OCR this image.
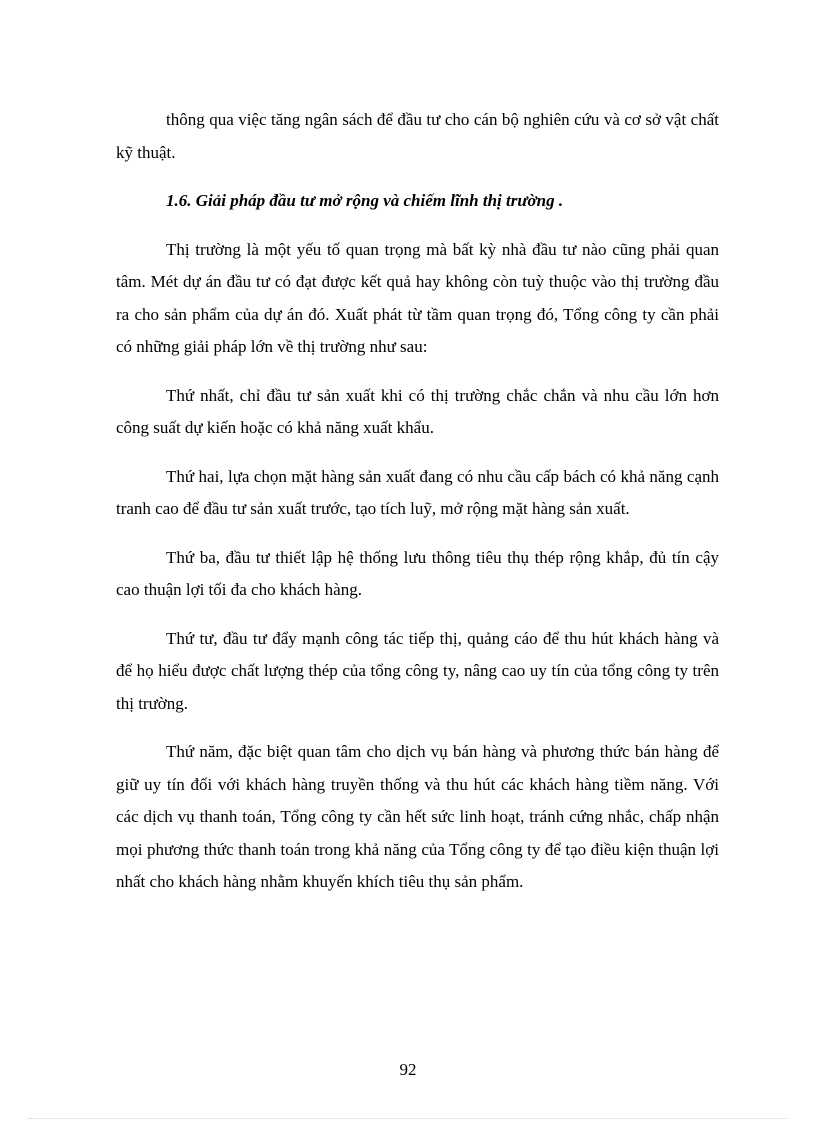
thông qua việc tăng ngân sách để đầu tư cho cán bộ nghiên cứu và cơ sở vật chất kỹ thuật.

1.6. Giải pháp đầu tư mở rộng và chiếm lĩnh thị trường .

Thị trường là một yếu tố quan trọng mà bất kỳ nhà đầu tư nào cũng phải quan tâm. Mét dự án đầu tư có đạt được kết quả hay không còn tuỳ thuộc vào thị trường đầu ra cho sản phẩm của dự án đó. Xuất phát từ tầm quan trọng đó, Tổng công ty cần phải có những giải pháp lớn về thị trường như sau:

Thứ nhất, chỉ đầu tư sản xuất khi có thị trường chắc chắn và nhu cầu lớn hơn công suất dự kiến hoặc có khả năng xuất khẩu.

Thứ hai, lựa chọn mặt hàng sản xuất đang có nhu cầu cấp bách có khả năng cạnh tranh cao để đầu tư sản xuất trước, tạo tích luỹ, mở rộng mặt hàng sản xuất.

Thứ ba, đầu tư thiết lập hệ thống lưu thông tiêu thụ thép rộng khắp, đủ tín cậy cao thuận lợi tối đa cho khách hàng.

Thứ tư, đầu tư đẩy mạnh công tác tiếp thị, quảng cáo để thu hút khách hàng và để họ hiểu được chất lượng thép của tổng công ty, nâng cao uy tín của tổng công ty trên thị trường.

Thứ năm, đặc biệt quan tâm cho dịch vụ bán hàng và phương thức bán hàng để giữ uy tín đối với khách hàng truyền thống và thu hút các khách hàng tiềm năng. Với các dịch vụ thanh toán, Tổng công ty cần hết sức linh hoạt, tránh cứng nhắc, chấp nhận mọi phương thức thanh toán trong khả năng của Tổng công ty để tạo điều kiện thuận lợi nhất cho khách hàng nhằm khuyến khích tiêu thụ sản phẩm.

92
